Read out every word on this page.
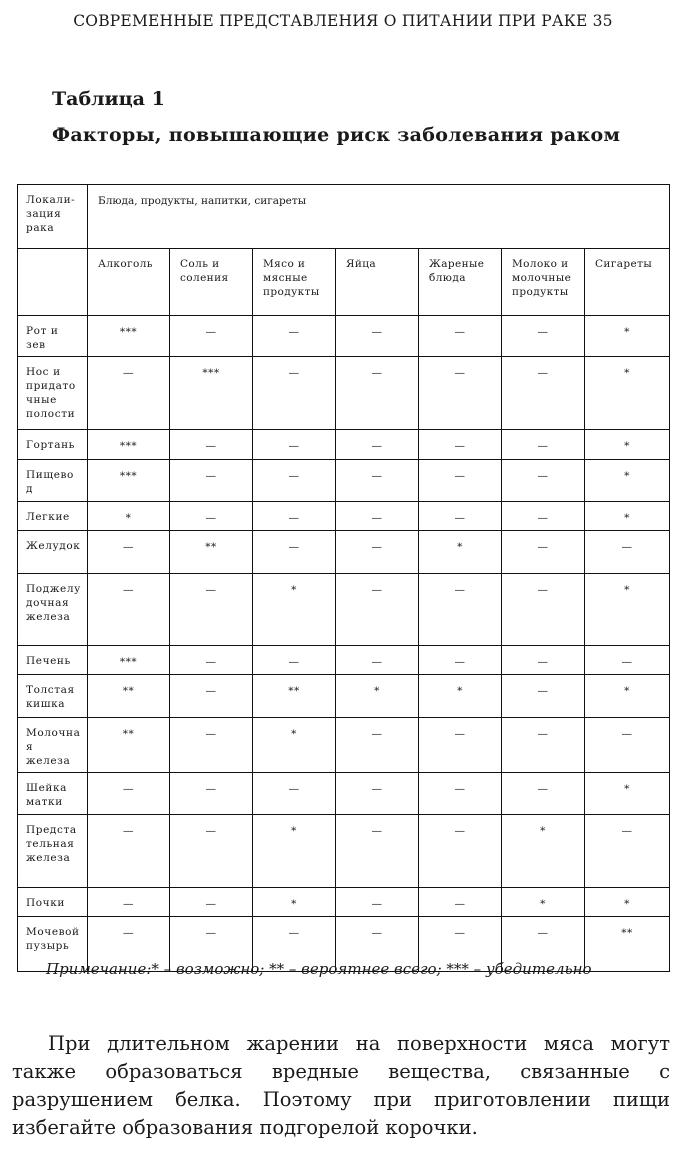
СОВРЕМЕННЫЕ ПРЕДСТАВЛЕНИЯ О ПИТАНИИ ПРИ РАКЕ 35
Таблица 1
Факторы, повышающие риск заболевания раком
Локали-зация рака	Блюда, продукты, напитки, сигареты						
	Алкоголь	Соль и соления	Мясо и мясные продукты	Яйца	Жареные блюда	Молоко и молочные продукты	Сигареты
Рот и зев	***	—	—	—	—	—	*
Нос и придаточные полости	—	***	—	—	—	—	*
Гортань	***	—	—	—	—	—	*
Пищевод	***	—	—	—	—	—	*
Легкие	*	—	—	—	—	—	*
Желудок	—	**	—	—	*	—	—
Поджелудочная железа	—	—	*	—	—	—	*
Печень	***	—	—	—	—	—	—
Толстая кишка	**	—	**	*	*	—	*
Молочная железа	**	—	*	—	—	—	—
Шейка матки	—	—	—	—	—	—	*
Предстательная железа	—	—	*	—	—	*	—
Почки	—	—	*	—	—	*	*
Мочевой пузырь	—	—	—	—	—	—	**
Примечание:* – возможно; ** – вероятнее всего; *** – убедительно

При длительном жарении на поверхности мяса могут также образоваться вредные вещества, связанные с разрушением белка. Поэтому при приготовлении пищи избегайте образования подгорелой корочки.
